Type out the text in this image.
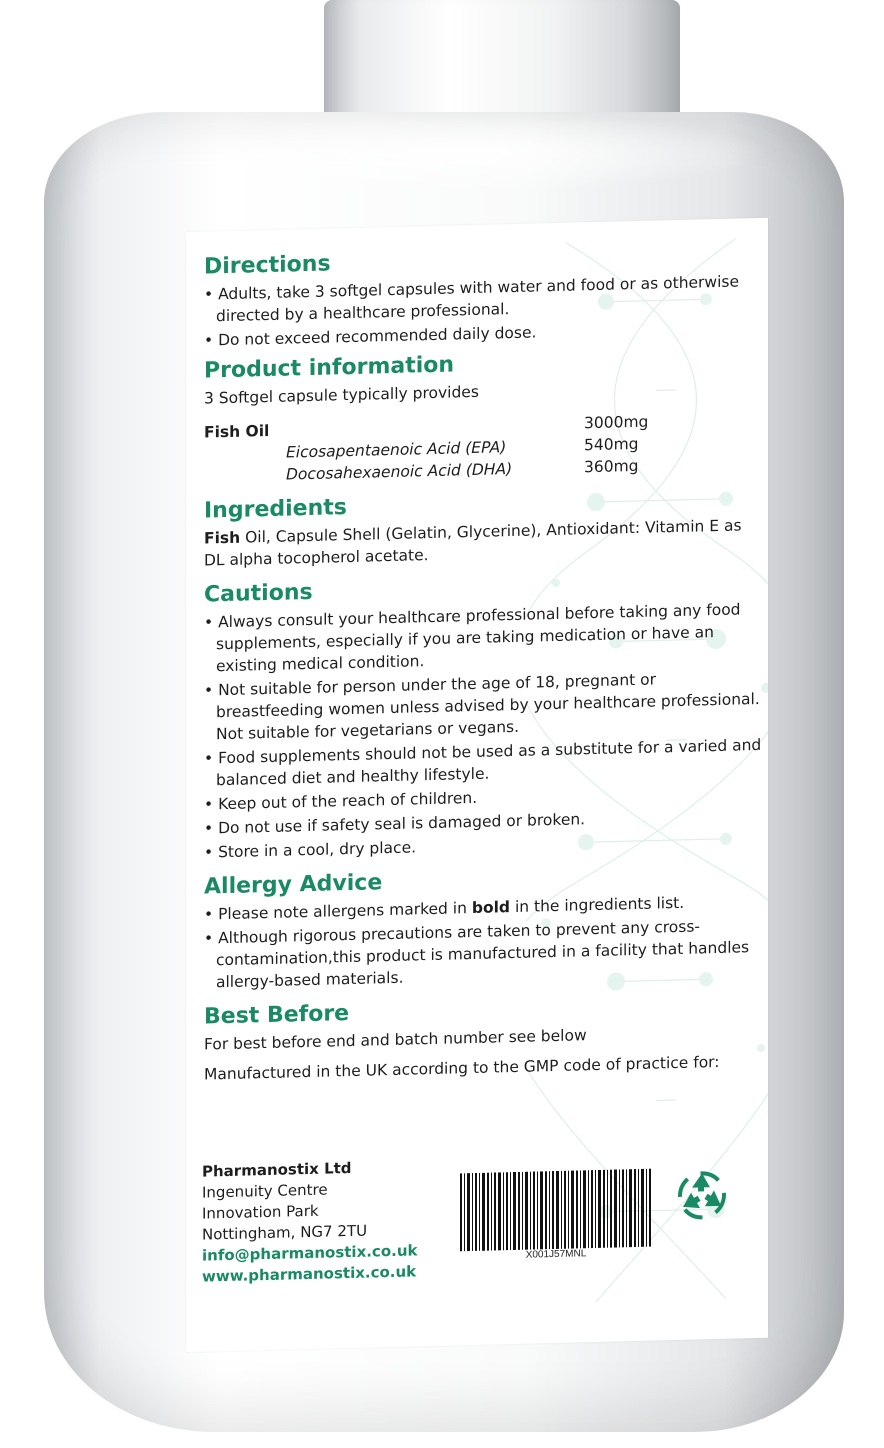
Directions
• Adults, take 3 softgel capsules with water and food or as otherwise directed by a healthcare professional.
• Do not exceed recommended daily dose.
Product information
3 Softgel capsule typically provides
Fish Oil	3000mg
Eicosapentaenoic Acid (EPA)	540mg
Docosahexaenoic Acid (DHA)	360mg
Ingredients
Fish Oil, Capsule Shell (Gelatin, Glycerine), Antioxidant: Vitamin E as DL alpha tocopherol acetate.
Cautions
• Always consult your healthcare professional before taking any food supplements, especially if you are taking medication or have an existing medical condition.
• Not suitable for person under the age of 18, pregnant or breastfeeding women unless advised by your healthcare professional. Not suitable for vegetarians or vegans.
• Food supplements should not be used as a substitute for a varied and balanced diet and healthy lifestyle.
• Keep out of the reach of children.
• Do not use if safety seal is damaged or broken.
• Store in a cool, dry place.
Allergy Advice
• Please note allergens marked in bold in the ingredients list.
• Although rigorous precautions are taken to prevent any cross-contamination,this product is manufactured in a facility that handles allergy-based materials.
Best Before
For best before end and batch number see below
Manufactured in the UK according to the GMP code of practice for:
Pharmanostix Ltd
Ingenuity Centre
Innovation Park
Nottingham, NG7 2TU
info@pharmanostix.co.uk
www.pharmanostix.co.uk
X001J57MNL
